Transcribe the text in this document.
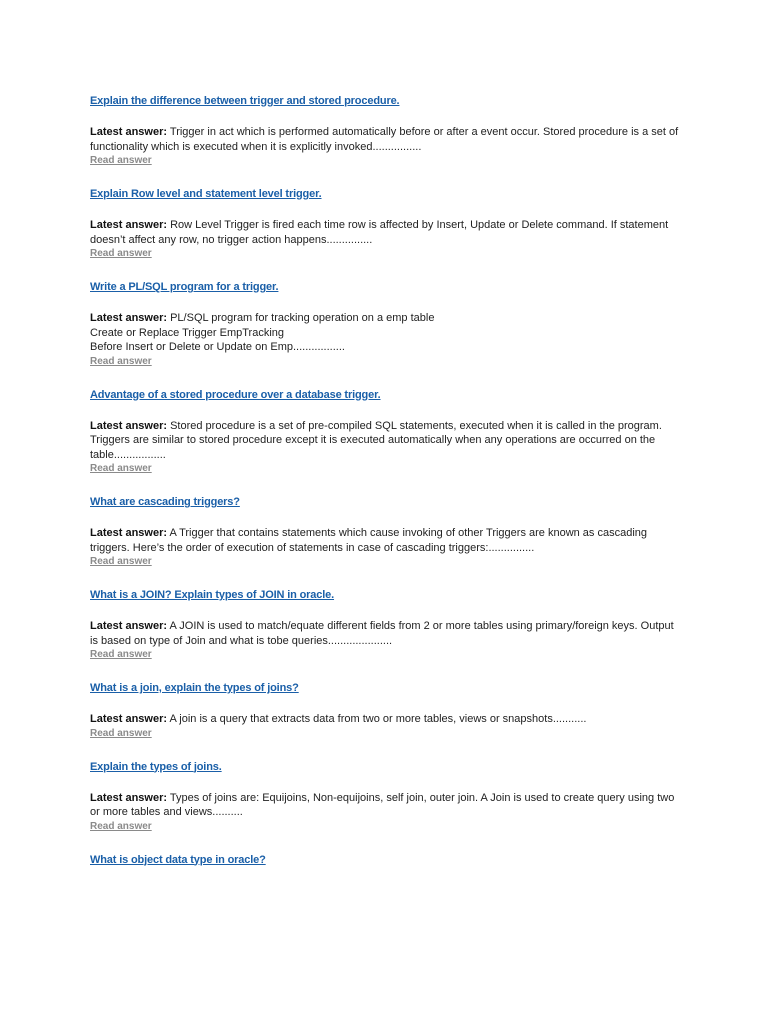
Explain the difference between trigger and stored procedure.
Latest answer: Trigger in act which is performed automatically before or after a event occur. Stored procedure is a set of functionality which is executed when it is explicitly invoked................
Read answer
Explain Row level and statement level trigger.
Latest answer: Row Level Trigger is fired each time row is affected by Insert, Update or Delete command. If statement doesn’t affect any row, no trigger action happens...............
Read answer
Write a PL/SQL program for a trigger.
Latest answer: PL/SQL program for tracking operation on a emp table
Create or Replace Trigger EmpTracking
Before Insert or Delete or Update on Emp.................
Read answer
Advantage of a stored procedure over a database trigger.
Latest answer: Stored procedure is a set of pre-compiled SQL statements, executed when it is called in the program. Triggers are similar to stored procedure except it is executed automatically when any operations are occurred on the table.................
Read answer
What are cascading triggers?
Latest answer: A Trigger that contains statements which cause invoking of other Triggers are known as cascading triggers. Here’s the order of execution of statements in case of cascading triggers:...............
Read answer
What is a JOIN? Explain types of JOIN in oracle.
Latest answer: A JOIN is used to match/equate different fields from 2 or more tables using primary/foreign keys. Output is based on type of Join and what is tobe queries.....................
Read answer
What is a join, explain the types of joins?
Latest answer: A join is a query that extracts data from two or more tables, views or snapshots...........
Read answer
Explain the types of joins.
Latest answer: Types of joins are: Equijoins, Non-equijoins, self join, outer join. A Join is used to create query using two or more tables and views..........
Read answer
What is object data type in oracle?
